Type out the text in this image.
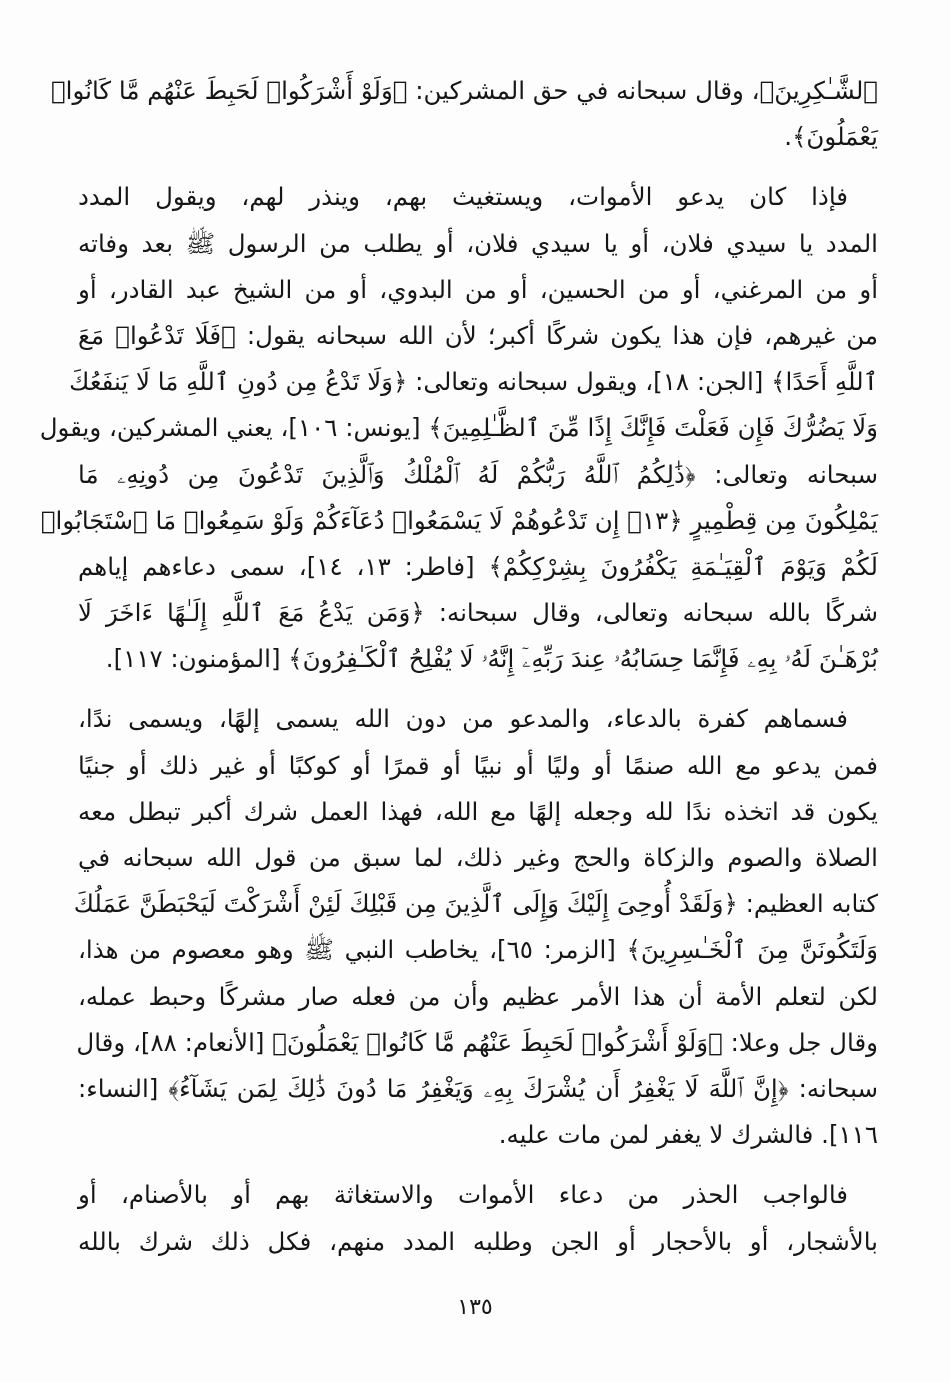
ٱلشَّـٰكِرِينَ﴾، وقال سبحانه في حق المشركين: ﴿وَلَوْ أَشْرَكُوا۟ لَحَبِطَ عَنْهُم مَّا كَانُوا۟
يَعْمَلُونَ﴾.
فإذا كان يدعو الأموات، ويستغيث بهم، وينذر لهم، ويقول المدد
المدد يا سيدي فلان، أو يا سيدي فلان، أو يطلب من الرسول ﷺ بعد وفاته
أو من المرغني، أو من الحسين، أو من البدوي، أو من الشيخ عبد القادر، أو
من غيرهم، فإن هذا يكون شركًا أكبر؛ لأن الله سبحانه يقول: ﴿فَلَا تَدْعُوا۟ مَعَ
ٱللَّهِ أَحَدًا﴾ [الجن: ١٨]، ويقول سبحانه وتعالى: ﴿وَلَا تَدْعُ مِن دُونِ ٱللَّهِ مَا لَا يَنفَعُكَ
وَلَا يَضُرُّكَ فَإِن فَعَلْتَ فَإِنَّكَ إِذًا مِّنَ ٱلظَّـٰلِمِينَ﴾ [يونس: ١٠٦]، يعني المشركين، ويقول
سبحانه وتعالى: ﴿ذَٰلِكُمُ ٱللَّهُ رَبُّكُمْ لَهُ ٱلْمُلْكُ وَٱلَّذِينَ تَدْعُونَ مِن دُونِهِۦ مَا
يَمْلِكُونَ مِن قِطْمِيرٍ ﴿١٣﴾ إِن تَدْعُوهُمْ لَا يَسْمَعُوا۟ دُعَآءَكُمْ وَلَوْ سَمِعُوا۟ مَا ٱسْتَجَابُوا۟
لَكُمْ وَيَوْمَ ٱلْقِيَـٰمَةِ يَكْفُرُونَ بِشِرْكِكُمْ﴾ [فاطر: ١٣، ١٤]، سمى دعاءهم إياهم
شركًا بالله سبحانه وتعالى، وقال سبحانه: ﴿وَمَن يَدْعُ مَعَ ٱللَّهِ إِلَـٰهًا ءَاخَرَ لَا
بُرْهَـٰنَ لَهُۥ بِهِۦ فَإِنَّمَا حِسَابُهُۥ عِندَ رَبِّهِۦٓ إِنَّهُۥ لَا يُفْلِحُ ٱلْكَـٰفِرُونَ﴾ [المؤمنون: ١١٧].
فسماهم كفرة بالدعاء، والمدعو من دون الله يسمى إلهًا، ويسمى ندًا،
فمن يدعو مع الله صنمًا أو وليًا أو نبيًا أو قمرًا أو كوكبًا أو غير ذلك أو جنيًا
يكون قد اتخذه ندًا لله وجعله إلهًا مع الله، فهذا العمل شرك أكبر تبطل معه
الصلاة والصوم والزكاة والحج وغير ذلك، لما سبق من قول الله سبحانه في
كتابه العظيم: ﴿وَلَقَدْ أُوحِىَ إِلَيْكَ وَإِلَى ٱلَّذِينَ مِن قَبْلِكَ لَئِنْ أَشْرَكْتَ لَيَحْبَطَنَّ عَمَلُكَ
وَلَتَكُونَنَّ مِنَ ٱلْخَـٰسِرِينَ﴾ [الزمر: ٦٥]، يخاطب النبي ﷺ وهو معصوم من هذا،
لكن لتعلم الأمة أن هذا الأمر عظيم وأن من فعله صار مشركًا وحبط عمله،
وقال جل وعلا: ﴿وَلَوْ أَشْرَكُوا۟ لَحَبِطَ عَنْهُم مَّا كَانُوا۟ يَعْمَلُونَ﴾ [الأنعام: ٨٨]، وقال
سبحانه: ﴿إِنَّ ٱللَّهَ لَا يَغْفِرُ أَن يُشْرَكَ بِهِۦ وَيَغْفِرُ مَا دُونَ ذَٰلِكَ لِمَن يَشَآءُ﴾ [النساء:
١١٦]. فالشرك لا يغفر لمن مات عليه.
فالواجب الحذر من دعاء الأموات والاستغاثة بهم أو بالأصنام، أو
بالأشجار، أو بالأحجار أو الجن وطلبه المدد منهم، فكل ذلك شرك بالله
١٣٥
